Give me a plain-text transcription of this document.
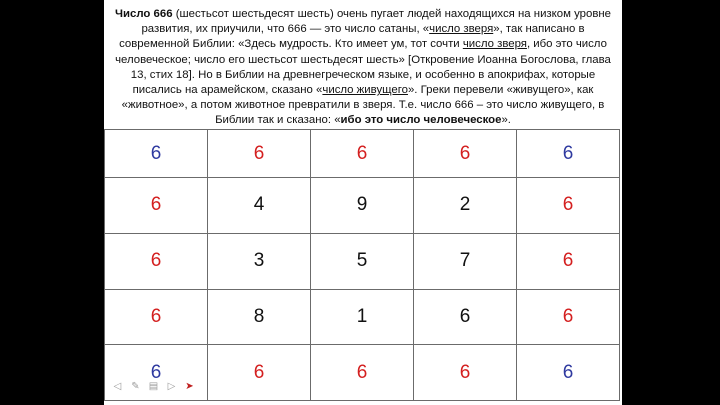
Число 666 (шестьсот шестьдесят шесть) очень пугает людей находящихся на низком уровне развития, их приучили, что 666 — это число сатаны, «число зверя», так написано в современной Библии: «Здесь мудрость. Кто имеет ум, тот сочти число зверя, ибо это число человеческое; число его шестьсот шестьдесят шесть» [Откровение Иоанна Богослова, глава 13, стих 18]. Но в Библии на древнегреческом языке, и особенно в апокрифах, которые писались на арамейском, сказано «число живущего». Греки перевели «живущего», как «животное», а потом животное превратили в зверя. Т.е. число 666 – это число живущего, в Библии так и сказано: «ибо это число человеческое».
6	6	6	6	6
6	4	9	2	6
6	3	5	7	6
6	8	1	6	6
6	6	6	6	6
◁ ✎ ▤ ▷ ➤
